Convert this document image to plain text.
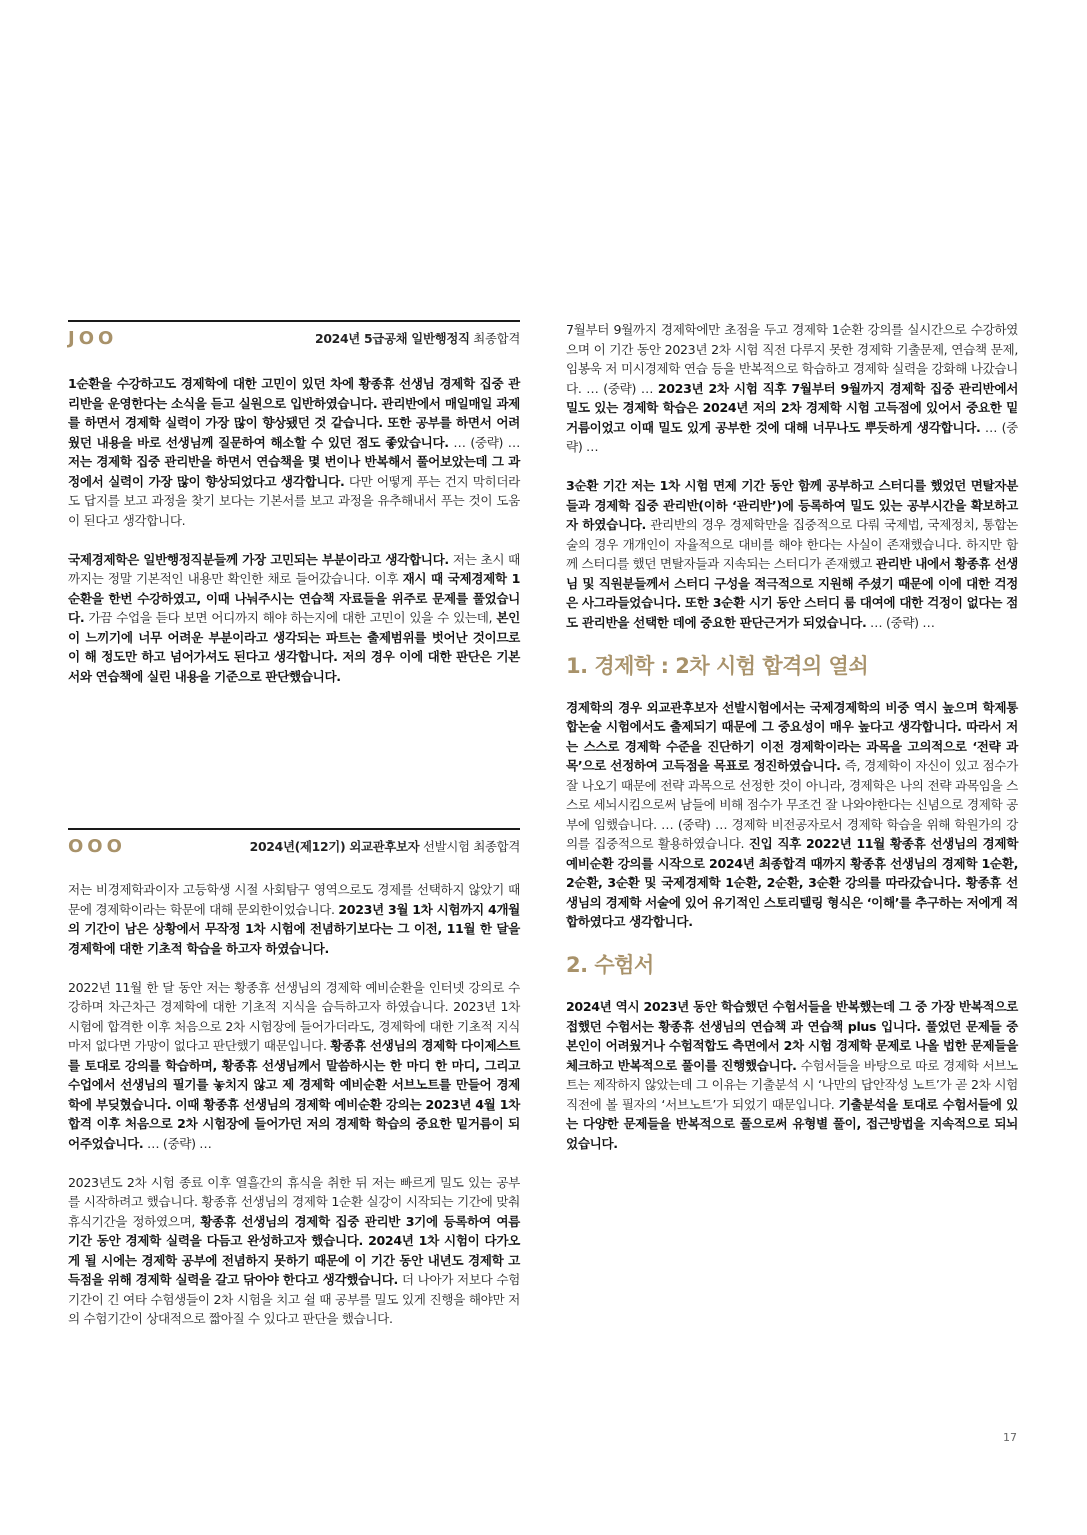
JOO	2024년 5급공채 일반행정직 최종합격

1순환을 수강하고도 경제학에 대한 고민이 있던 차에 황종휴 선생님 경제학 집중 관리반을 운영한다는 소식을 듣고 실원으로 입반하였습니다. 관리반에서 매일매일 과제를 하면서 경제학 실력이 가장 많이 향상됐던 것 같습니다. 또한 공부를 하면서 어려웠던 내용을 바로 선생님께 질문하여 해소할 수 있던 점도 좋았습니다. … (중략) … 저는 경제학 집중 관리반을 하면서 연습책을 몇 번이나 반복해서 풀어보았는데 그 과정에서 실력이 가장 많이 향상되었다고 생각합니다. 다만 어떻게 푸는 건지 막히더라도 답지를 보고 과정을 찾기 보다는 기본서를 보고 과정을 유추해내서 푸는 것이 도움이 된다고 생각합니다.

국제경제학은 일반행정직분들께 가장 고민되는 부분이라고 생각합니다. 저는 초시 때까지는 정말 기본적인 내용만 확인한 채로 들어갔습니다. 이후 재시 때 국제경제학 1순환을 한번 수강하였고, 이때 나눠주시는 연습책 자료들을 위주로 문제를 풀었습니다. 가끔 수업을 듣다 보면 어디까지 해야 하는지에 대한 고민이 있을 수 있는데, 본인이 느끼기에 너무 어려운 부분이라고 생각되는 파트는 출제범위를 벗어난 것이므로 이 해 정도만 하고 넘어가셔도 된다고 생각합니다. 저의 경우 이에 대한 판단은 기본서와 연습책에 실린 내용을 기준으로 판단했습니다.

OOO	2024년(제12기) 외교관후보자 선발시험 최종합격

저는 비경제학과이자 고등학생 시절 사회탐구 영역으로도 경제를 선택하지 않았기 때문에 경제학이라는 학문에 대해 문외한이었습니다. 2023년 3월 1차 시험까지 4개월의 기간이 남은 상황에서 무작정 1차 시험에 전념하기보다는 그 이전, 11월 한 달을 경제학에 대한 기초적 학습을 하고자 하였습니다.

2022년 11월 한 달 동안 저는 황종휴 선생님의 경제학 예비순환을 인터넷 강의로 수강하며 차근차근 경제학에 대한 기초적 지식을 습득하고자 하였습니다. 2023년 1차 시험에 합격한 이후 처음으로 2차 시험장에 들어가더라도, 경제학에 대한 기초적 지식마저 없다면 가망이 없다고 판단했기 때문입니다. 황종휴 선생님의 경제학 다이제스트를 토대로 강의를 학습하며, 황종휴 선생님께서 말씀하시는 한 마디 한 마디, 그리고 수업에서 선생님의 필기를 놓치지 않고 제 경제학 예비순환 서브노트를 만들어 경제학에 부딪혔습니다. 이때 황종휴 선생님의 경제학 예비순환 강의는 2023년 4월 1차 합격 이후 처음으로 2차 시험장에 들어가던 저의 경제학 학습의 중요한 밑거름이 되어주었습니다. … (중략) …

2023년도 2차 시험 종료 이후 열흘간의 휴식을 취한 뒤 저는 빠르게 밀도 있는 공부를 시작하려고 했습니다. 황종휴 선생님의 경제학 1순환 실강이 시작되는 기간에 맞춰 휴식기간을 정하였으며, 황종휴 선생님의 경제학 집중 관리반 3기에 등록하여 여름 기간 동안 경제학 실력을 다듬고 완성하고자 했습니다. 2024년 1차 시험이 다가오게 될 시에는 경제학 공부에 전념하지 못하기 때문에 이 기간 동안 내년도 경제학 고득점을 위해 경제학 실력을 갈고 닦아야 한다고 생각했습니다. 더 나아가 저보다 수험기간이 긴 여타 수험생들이 2차 시험을 치고 쉴 때 공부를 밀도 있게 진행을 해야만 저의 수험기간이 상대적으로 짧아질 수 있다고 판단을 했습니다.

7월부터 9월까지 경제학에만 초점을 두고 경제학 1순환 강의를 실시간으로 수강하였으며 이 기간 동안 2023년 2차 시험 직전 다루지 못한 경제학 기출문제, 연습책 문제, 임봉욱 저 미시경제학 연습 등을 반복적으로 학습하고 경제학 실력을 강화해 나갔습니다. … (중략) … 2023년 2차 시험 직후 7월부터 9월까지 경제학 집중 관리반에서 밀도 있는 경제학 학습은 2024년 저의 2차 경제학 시험 고득점에 있어서 중요한 밑거름이었고 이때 밀도 있게 공부한 것에 대해 너무나도 뿌듯하게 생각합니다. … (중략) …

3순환 기간 저는 1차 시험 면제 기간 동안 함께 공부하고 스터디를 했었던 면탈자분들과 경제학 집중 관리반(이하 ‘관리반’)에 등록하여 밀도 있는 공부시간을 확보하고자 하였습니다. 관리반의 경우 경제학만을 집중적으로 다뤄 국제법, 국제정치, 통합논술의 경우 개개인이 자율적으로 대비를 해야 한다는 사실이 존재했습니다. 하지만 함께 스터디를 했던 면탈자들과 지속되는 스터디가 존재했고 관리반 내에서 황종휴 선생님 및 직원분들께서 스터디 구성을 적극적으로 지원해 주셨기 때문에 이에 대한 걱정은 사그라들었습니다. 또한 3순환 시기 동안 스터디 룸 대여에 대한 걱정이 없다는 점도 관리반을 선택한 데에 중요한 판단근거가 되었습니다. … (중략) …

1. 경제학 : 2차 시험 합격의 열쇠

경제학의 경우 외교관후보자 선발시험에서는 국제경제학의 비중 역시 높으며 학제통합논술 시험에서도 출제되기 때문에 그 중요성이 매우 높다고 생각합니다. 따라서 저는 스스로 경제학 수준을 진단하기 이전 경제학이라는 과목을 고의적으로 ‘전략 과목’으로 선정하여 고득점을 목표로 정진하였습니다. 즉, 경제학이 자신이 있고 점수가 잘 나오기 때문에 전략 과목으로 선정한 것이 아니라, 경제학은 나의 전략 과목임을 스스로 세뇌시킴으로써 남들에 비해 점수가 무조건 잘 나와야한다는 신념으로 경제학 공부에 임했습니다. … (중략) … 경제학 비전공자로서 경제학 학습을 위해 학원가의 강의를 집중적으로 활용하였습니다. 진입 직후 2022년 11월 황종휴 선생님의 경제학 예비순환 강의를 시작으로 2024년 최종합격 때까지 황종휴 선생님의 경제학 1순환, 2순환, 3순환 및 국제경제학 1순환, 2순환, 3순환 강의를 따라갔습니다. 황종휴 선생님의 경제학 서술에 있어 유기적인 스토리텔링 형식은 ‘이해’를 추구하는 저에게 적합하였다고 생각합니다.

2. 수험서

2024년 역시 2023년 동안 학습했던 수험서들을 반복했는데 그 중 가장 반복적으로 접했던 수험서는 황종휴 선생님의 연습책 과 연습책 plus 입니다. 풀었던 문제들 중 본인이 어려웠거나 수험적합도 측면에서 2차 시험 경제학 문제로 나올 법한 문제들을 체크하고 반복적으로 풀이를 진행했습니다. 수험서들을 바탕으로 따로 경제학 서브노트는 제작하지 않았는데 그 이유는 기출분석 시 ‘나만의 답안작성 노트’가 곧 2차 시험 직전에 볼 필자의 ‘서브노트’가 되었기 때문입니다. 기출분석을 토대로 수험서들에 있는 다양한 문제들을 반복적으로 풀으로써 유형별 풀이, 접근방법을 지속적으로 되뇌었습니다.

17
